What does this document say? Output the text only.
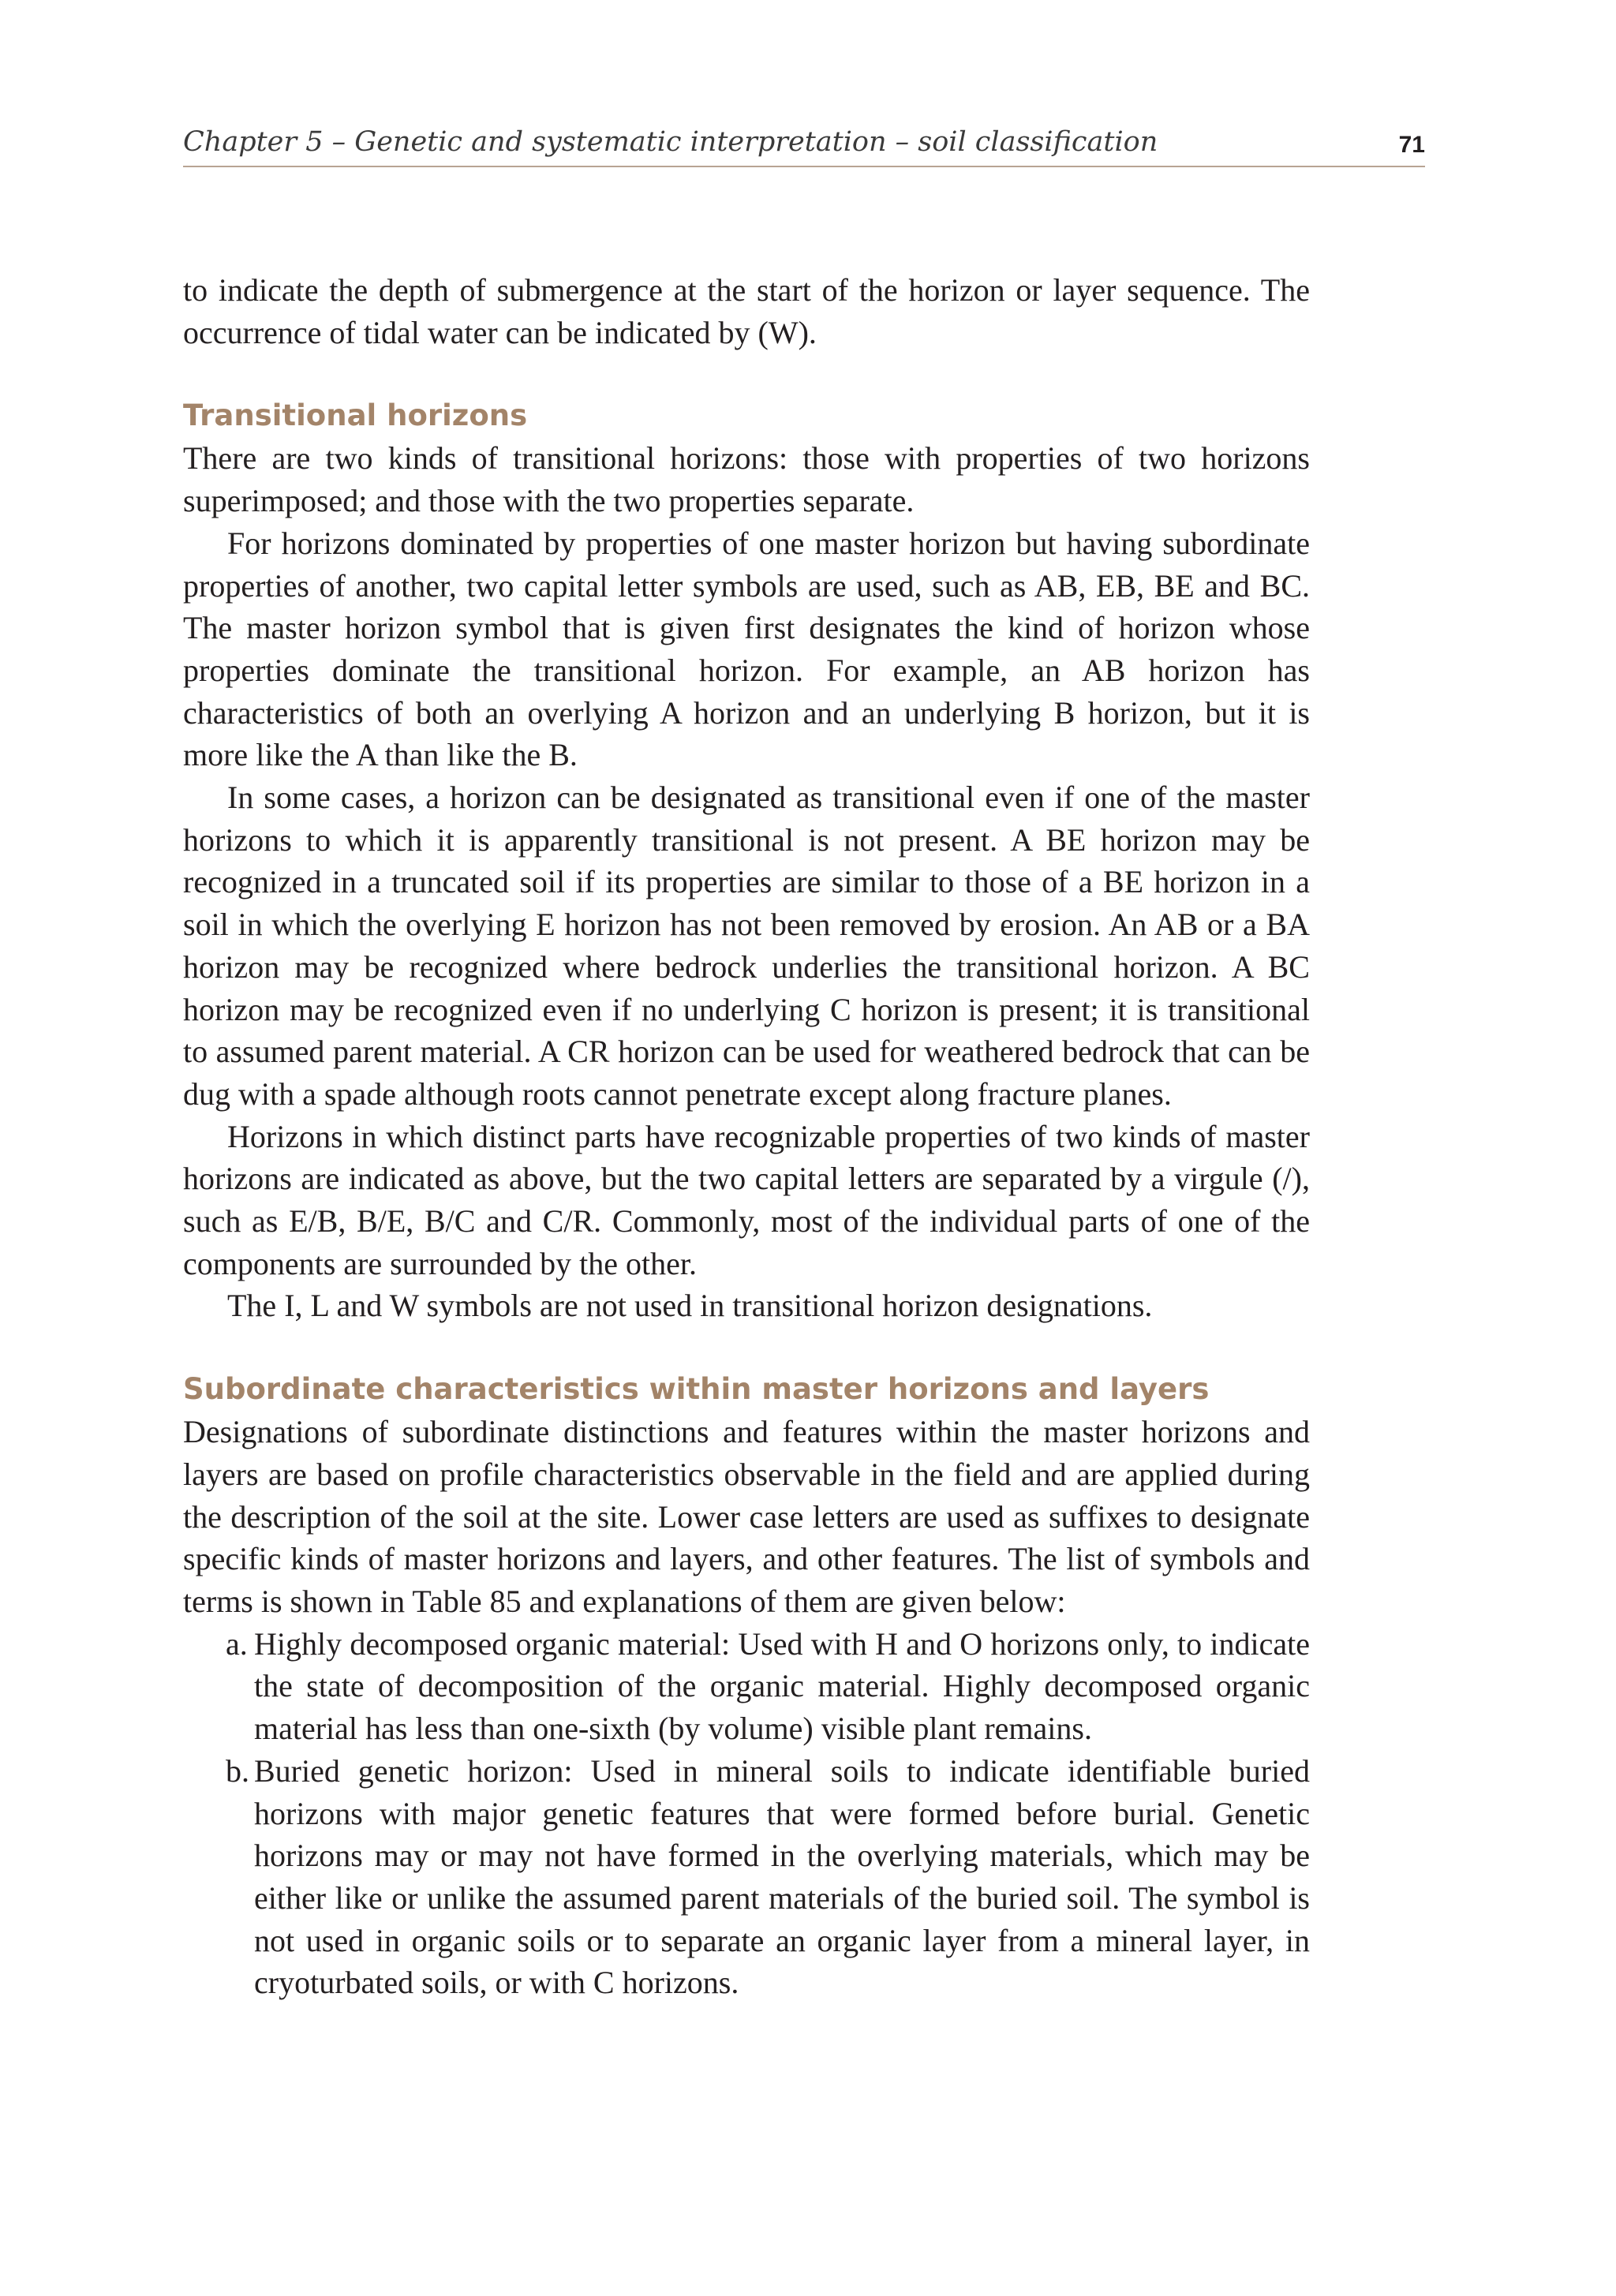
Chapter 5 – Genetic and systematic interpretation – soil classification	71

to indicate the depth of submergence at the start of the horizon or layer sequence. The occurrence of tidal water can be indicated by (W).

Transitional horizons

There are two kinds of transitional horizons: those with properties of two horizons superimposed; and those with the two properties separate.

For horizons dominated by properties of one master horizon but having subordinate properties of another, two capital letter symbols are used, such as AB, EB, BE and BC. The master horizon symbol that is given first designates the kind of horizon whose properties dominate the transitional horizon. For example, an AB horizon has characteristics of both an overlying A horizon and an underlying B horizon, but it is more like the A than like the B.

In some cases, a horizon can be designated as transitional even if one of the master horizons to which it is apparently transitional is not present. A BE horizon may be recognized in a truncated soil if its properties are similar to those of a BE horizon in a soil in which the overlying E horizon has not been removed by erosion. An AB or a BA horizon may be recognized where bedrock underlies the transitional horizon. A BC horizon may be recognized even if no underlying C horizon is present; it is transitional to assumed parent material. A CR horizon can be used for weathered bedrock that can be dug with a spade although roots cannot penetrate except along fracture planes.

Horizons in which distinct parts have recognizable properties of two kinds of master horizons are indicated as above, but the two capital letters are separated by a virgule (/), such as E/B, B/E, B/C and C/R. Commonly, most of the individual parts of one of the components are surrounded by the other.

The I, L and W symbols are not used in transitional horizon designations.

Subordinate characteristics within master horizons and layers

Designations of subordinate distinctions and features within the master horizons and layers are based on profile characteristics observable in the field and are applied during the description of the soil at the site. Lower case letters are used as suffixes to designate specific kinds of master horizons and layers, and other features. The list of symbols and terms is shown in Table 85 and explanations of them are given below:

a. Highly decomposed organic material: Used with H and O horizons only, to indicate the state of decomposition of the organic material. Highly decomposed organic material has less than one-sixth (by volume) visible plant remains.
b. Buried genetic horizon: Used in mineral soils to indicate identifiable buried horizons with major genetic features that were formed before burial. Genetic horizons may or may not have formed in the overlying materials, which may be either like or unlike the assumed parent materials of the buried soil. The symbol is not used in organic soils or to separate an organic layer from a mineral layer, in cryoturbated soils, or with C horizons.
